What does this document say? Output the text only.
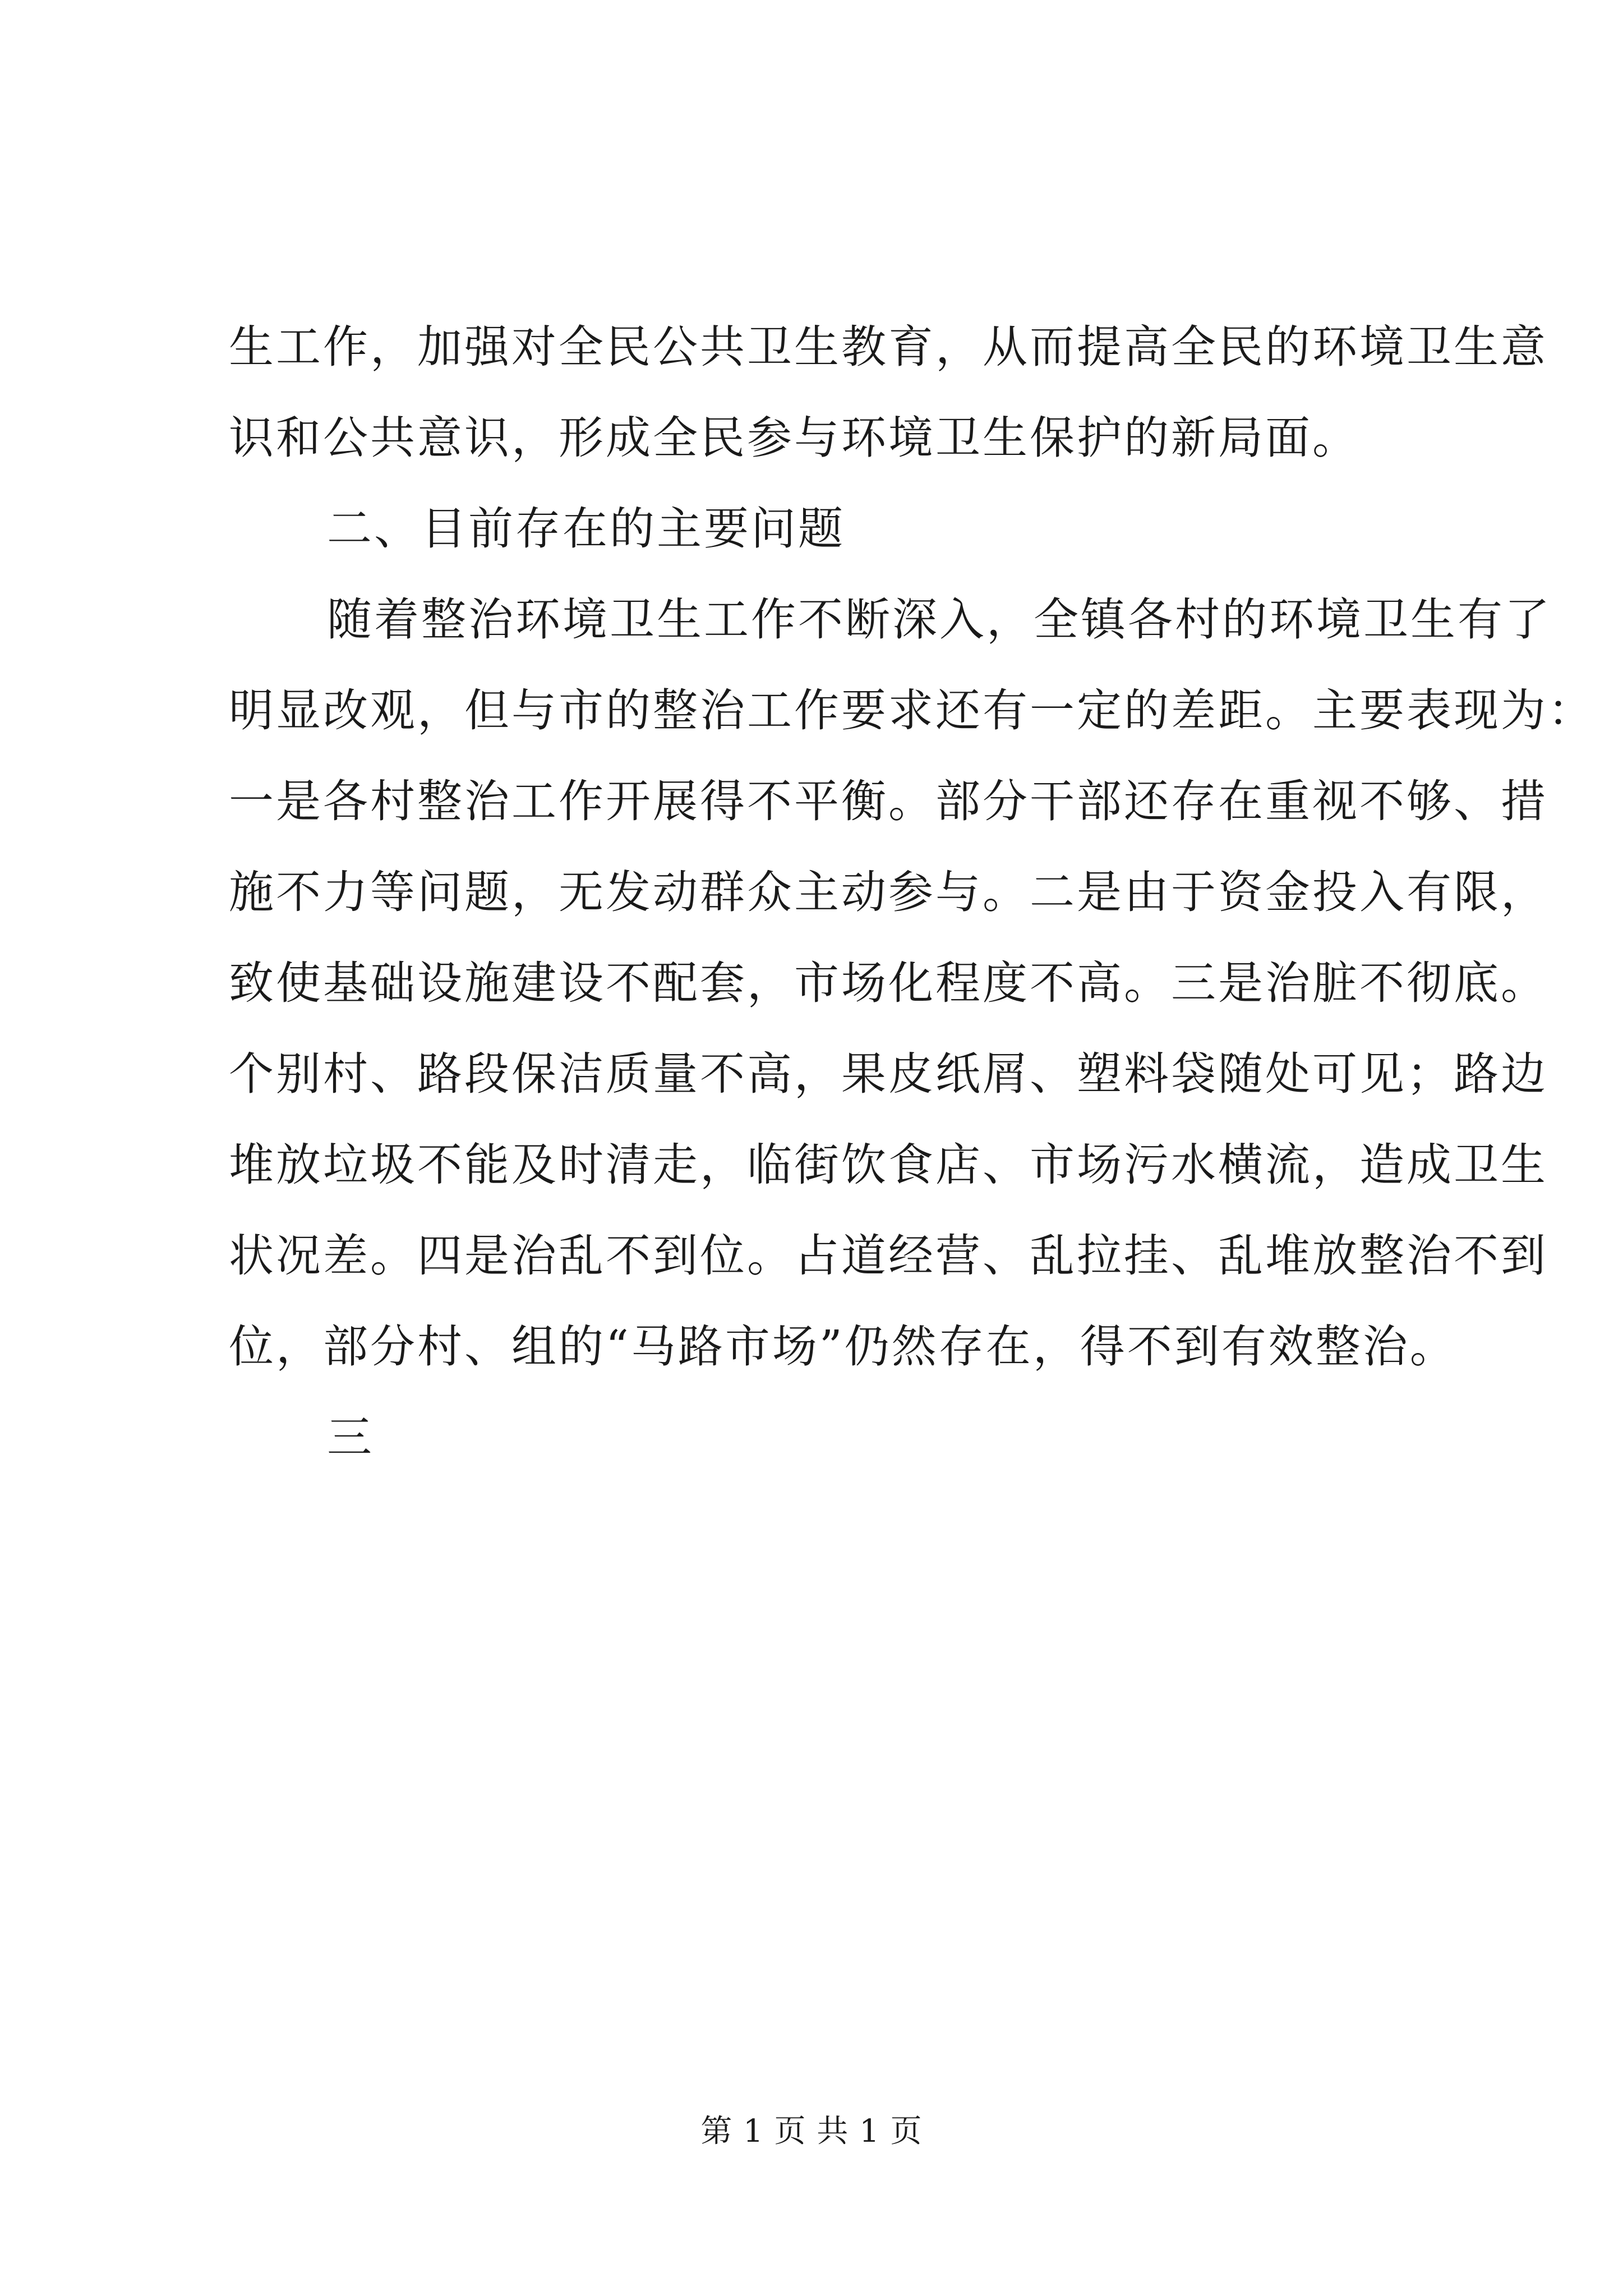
生工作，加强对全民公共卫生教育，从而提高全民的环境卫生意
识和公共意识，形成全民参与环境卫生保护的新局面。
二、目前存在的主要问题
随着整治环境卫生工作不断深入，全镇各村的环境卫生有了
明显改观，但与市的整治工作要求还有一定的差距。主要表现为：
一是各村整治工作开展得不平衡。部分干部还存在重视不够、措
施不力等问题，无发动群众主动参与。二是由于资金投入有限，
致使基础设施建设不配套，市场化程度不高。三是治脏不彻底。
个别村、路段保洁质量不高，果皮纸屑、塑料袋随处可见；路边
堆放垃圾不能及时清走，临街饮食店、市场污水横流，造成卫生
状况差。四是治乱不到位。占道经营、乱拉挂、乱堆放整治不到
位，部分村、组的“马路市场”仍然存在，得不到有效整治。
三
第 1 页 共 1 页
